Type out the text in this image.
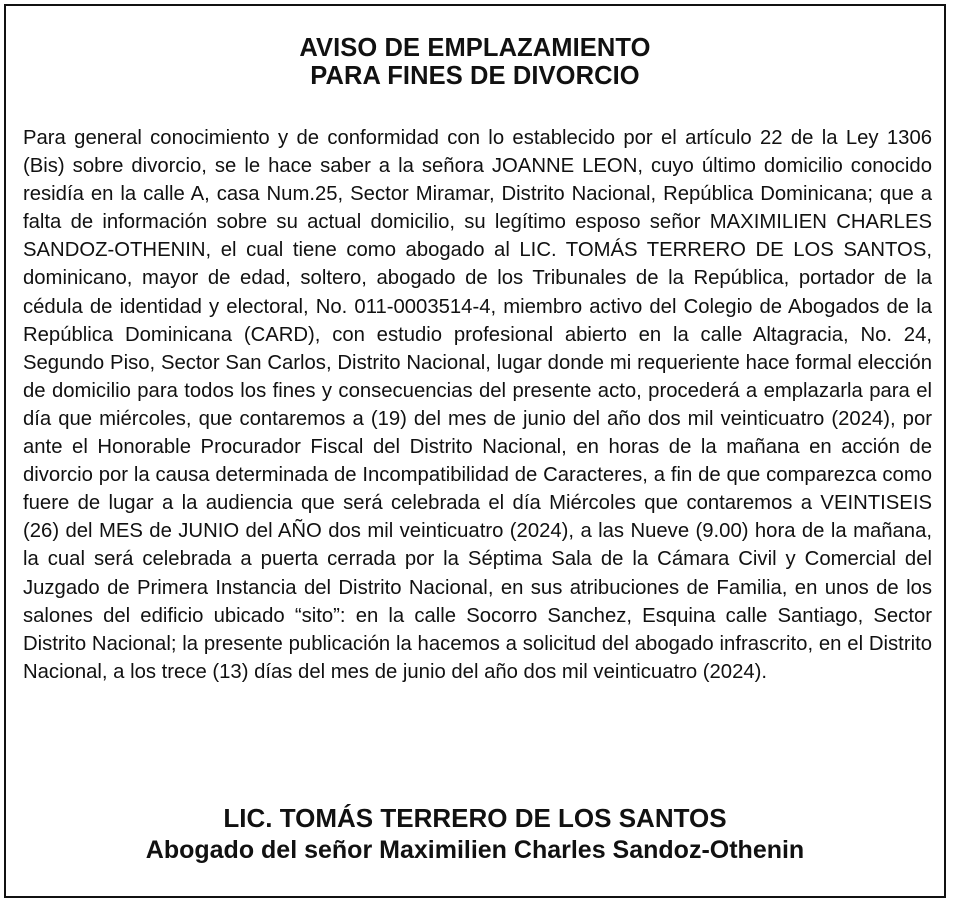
AVISO DE EMPLAZAMIENTO
PARA FINES DE DIVORCIO
Para general conocimiento y de conformidad con lo establecido por el artículo 22 de la Ley 1306 (Bis) sobre divorcio, se le hace saber a la señora JOANNE LEON, cuyo último domicilio conocido residía en la calle A, casa Num.25, Sector Miramar, Distrito Nacional, República Dominicana; que a falta de información sobre su actual domicilio, su legítimo esposo señor MAXIMILIEN CHARLES SANDOZ-OTHENIN, el cual tiene como abogado al LIC. TOMÁS TERRERO DE LOS SANTOS, dominicano, mayor de edad, soltero, abogado de los Tribunales de la República, portador de la cédula de identidad y electoral, No. 011-0003514-4, miembro activo del Colegio de Abogados de la República Dominicana (CARD), con estudio profesional abierto en la calle Altagracia, No. 24, Segundo Piso, Sector San Carlos, Distrito Nacional, lugar donde mi requeriente hace formal elección de domicilio para todos los fines y consecuencias del presente acto, procederá a emplazarla para el día que miércoles, que contaremos a (19) del mes de junio del año dos mil veinticuatro (2024), por ante el Honorable Procurador Fiscal del Distrito Nacional, en horas de la mañana en acción de divorcio por la causa determinada de Incompatibilidad de Caracteres, a fin de que comparezca como fuere de lugar a la audiencia que será celebrada el día Miércoles que contaremos a VEINTISEIS (26) del MES de JUNIO del AÑO dos mil veinticuatro (2024), a las Nueve (9.00) hora de la mañana, la cual será celebrada a puerta cerrada por la Séptima Sala de la Cámara Civil y Comercial del Juzgado de Primera Instancia del Distrito Nacional, en sus atribuciones de Familia, en unos de los salones del edificio ubicado “sito”: en la calle Socorro Sanchez, Esquina calle Santiago, Sector Distrito Nacional; la presente publicación la hacemos a solicitud del abogado infrascrito, en el Distrito Nacional, a los trece (13) días del mes de junio del año dos mil veinticuatro (2024).
LIC. TOMÁS TERRERO DE LOS SANTOS
Abogado del señor Maximilien Charles Sandoz-Othenin
